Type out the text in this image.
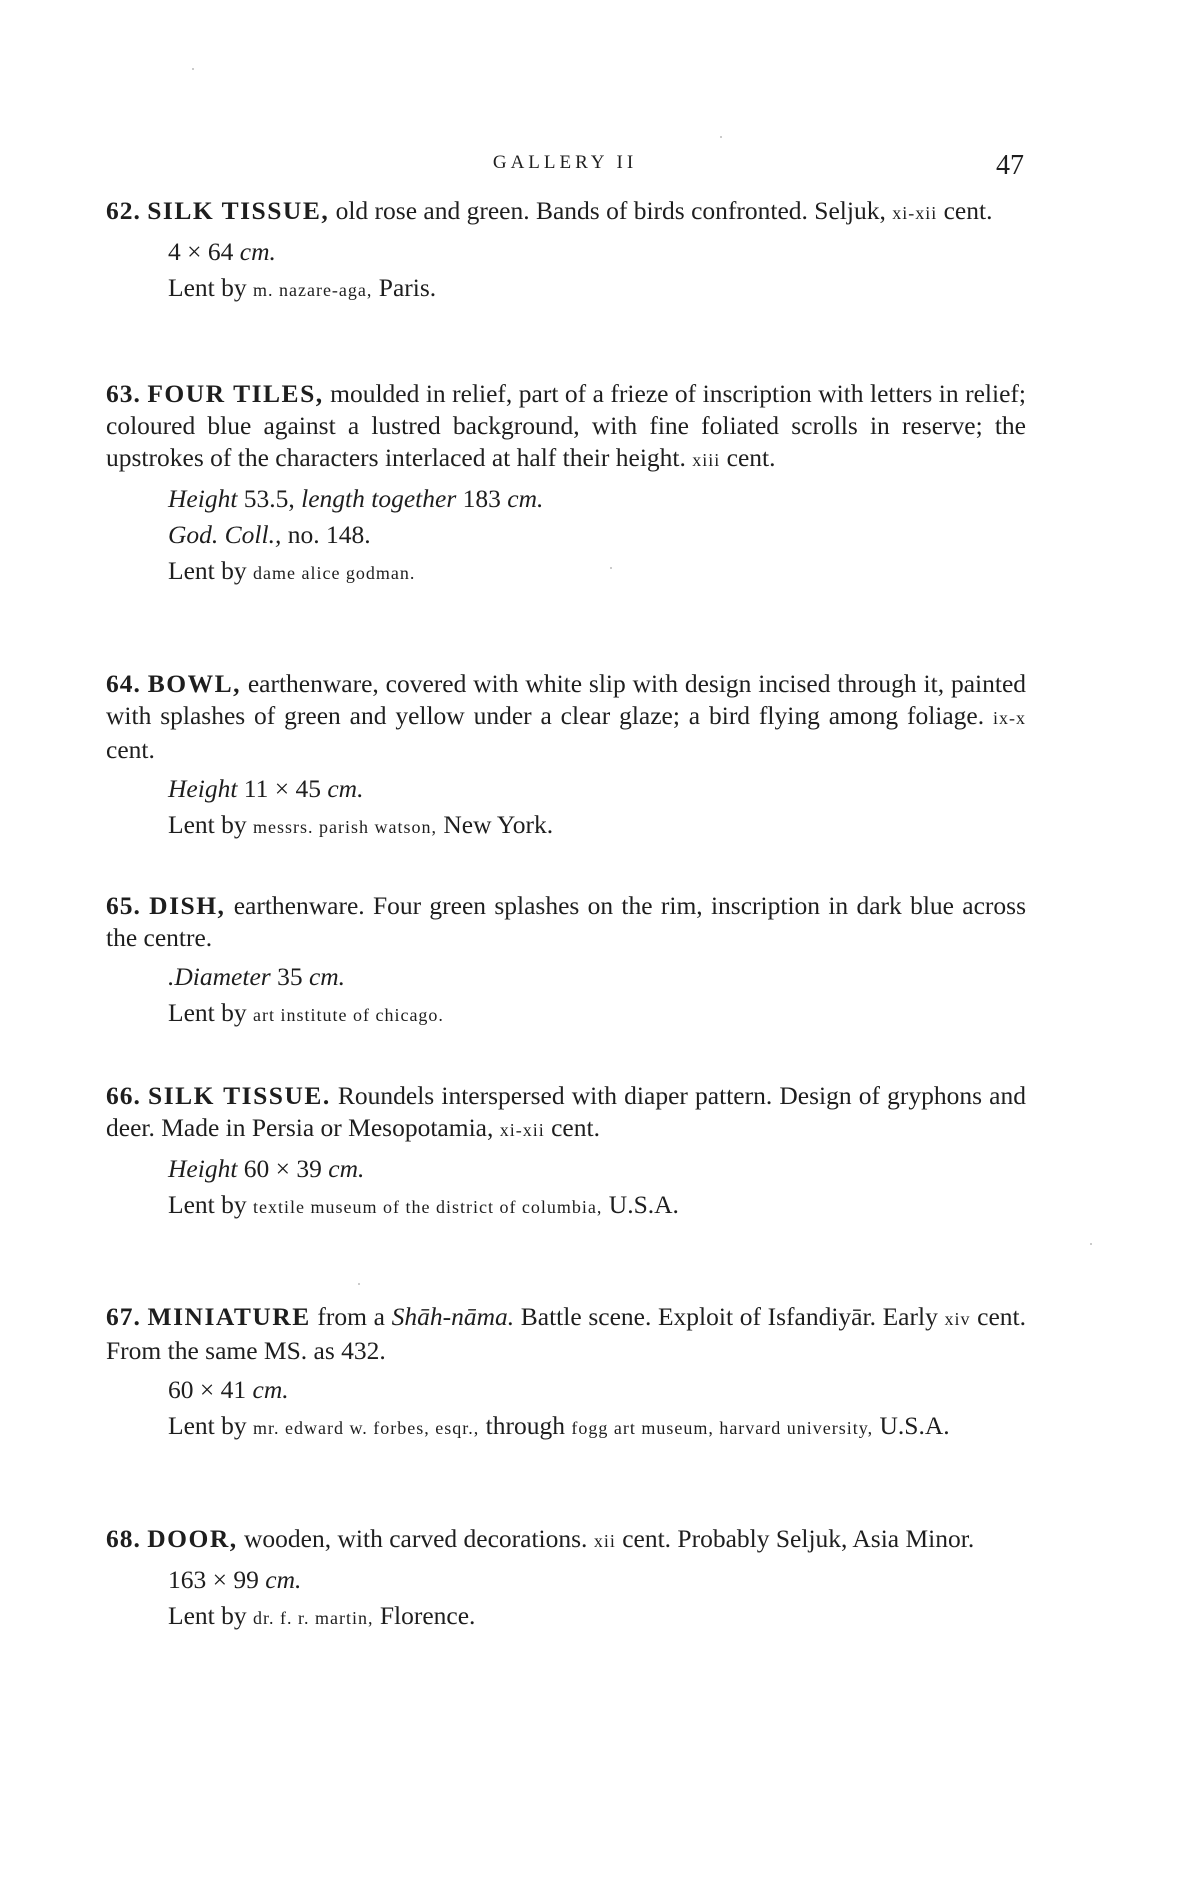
GALLERY II	47

62. SILK TISSUE, old rose and green. Bands of birds confronted. Seljuk, xi-xii cent.

4 × 64 cm.
Lent by m. nazare-aga, Paris.

63. FOUR TILES, moulded in relief, part of a frieze of inscription with letters in relief; coloured blue against a lustred background, with fine foliated scrolls in reserve; the upstrokes of the characters interlaced at half their height. xiii cent.

Height 53.5, length together 183 cm.
God. Coll., no. 148.
Lent by dame alice godman.

64. BOWL, earthenware, covered with white slip with design incised through it, painted with splashes of green and yellow under a clear glaze; a bird flying among foliage. ix-x cent.

Height 11 × 45 cm.
Lent by messrs. parish watson, New York.

65. DISH, earthenware. Four green splashes on the rim, inscription in dark blue across the centre.

.Diameter 35 cm.
Lent by art institute of chicago.

66. SILK TISSUE. Roundels interspersed with diaper pattern. Design of gryphons and deer. Made in Persia or Mesopotamia, xi-xii cent.

Height 60 × 39 cm.
Lent by textile museum of the district of columbia, U.S.A.

67. MINIATURE from a Shāh-nāma. Battle scene. Exploit of Isfandiyār. Early xiv cent. From the same MS. as 432.

60 × 41 cm.
Lent by mr. edward w. forbes, esqr., through fogg art museum, harvard university, U.S.A.

68. DOOR, wooden, with carved decorations. xii cent. Probably Seljuk, Asia Minor.

163 × 99 cm.
Lent by dr. f. r. martin, Florence.
